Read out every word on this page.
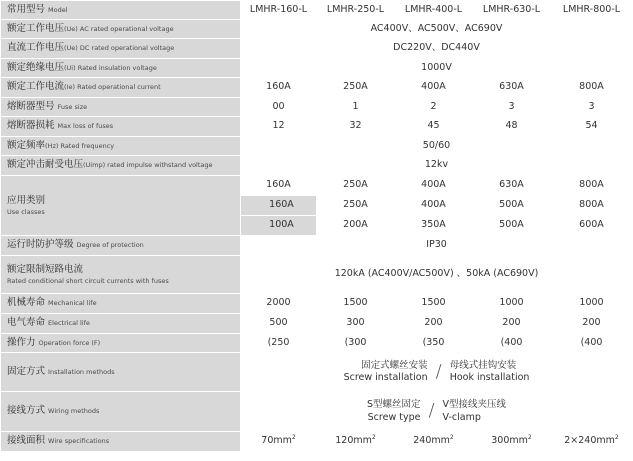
常用型号 Model	LMHR-160-L	LMHR-250-L	LMHR-400-L	LMHR-630-L	LMHR-800-L
额定工作电压(Ue) AC rated operational voltage	AC400V、AC500V、AC690V				
直流工作电压(Ue) DC rated operational voltage	DC220V、DC440V				
额定绝缘电压(Ui) Rated insulation voltage	1000V				
额定工作电流(Ie) Rated operational current	160A	250A	400A	630A	800A
熔断器型号 Fuse size	00	1	2	3	3
熔断器损耗 Max loss of fuses	12	32	45	48	54
额定频率(Hz) Rated frequency	50/60				
额定冲击耐受电压(Uimp) rated impulse withstand voltage	12kv				

应用类别
Use classes	160A	250A	400A	630A	800A
	160A	250A	400A	500A	800A
	100A	200A	350A	500A	600A
运行时防护等级 Degree of protection	IP30				

额定限制短路电流
Rated conditional short circuit currents with fuses	120kA (AC400V/AC500V) 、50kA (AC690V)				
机械寿命 Mechanical life	2000	1500	1500	1000	1000
电气寿命 Electrical life	500	300	200	200	200
操作力 Operation force (F)	(250	(300	(350	(400	(400
固定方式 Installation methods	固定式螺丝安装
Screw installation / 母线式挂钩安装
Hook installation				

接线方式 Wiring methods	S型螺丝固定
Screw type / V型接线夹压线
V-clamp				

接线面积 Wire specifications	$70mm^2$	$120mm^2$	$240mm^2$	$300mm^2$	$2\times 240mm^2$
